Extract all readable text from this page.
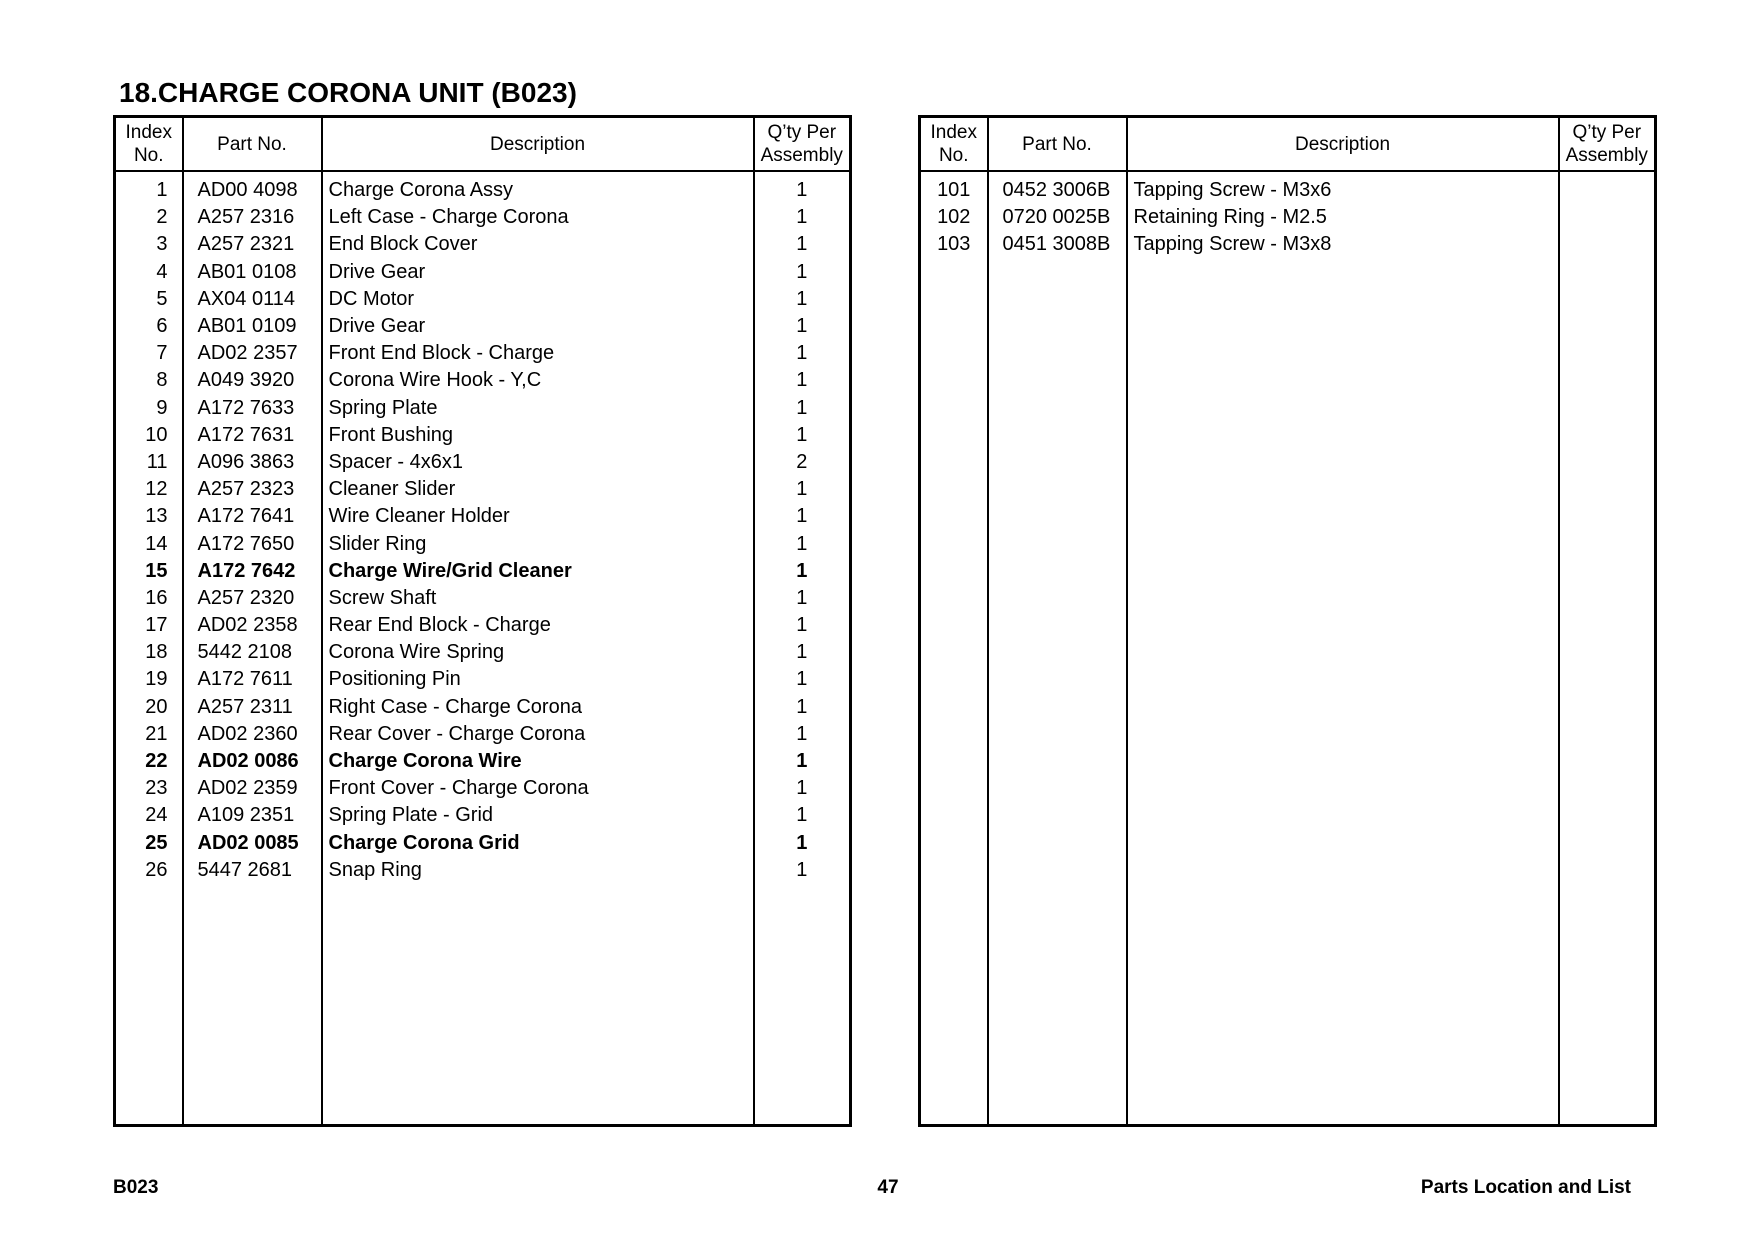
18.CHARGE CORONA UNIT (B023)
Index
No.	Part No.	Description	Q’ty Per
Assembly
1	AD00 4098	Charge Corona Assy	1
2	A257 2316	Left Case - Charge Corona	1
3	A257 2321	End Block Cover	1
4	AB01 0108	Drive Gear	1
5	AX04 0114	DC Motor	1
6	AB01 0109	Drive Gear	1
7	AD02 2357	Front End Block - Charge	1
8	A049 3920	Corona Wire Hook - Y,C	1
9	A172 7633	Spring Plate	1
10	A172 7631	Front Bushing	1
11	A096 3863	Spacer - 4x6x1	2
12	A257 2323	Cleaner Slider	1
13	A172 7641	Wire Cleaner Holder	1
14	A172 7650	Slider Ring	1
15	A172 7642	Charge Wire/Grid Cleaner	1
16	A257 2320	Screw Shaft	1
17	AD02 2358	Rear End Block - Charge	1
18	5442 2108	Corona Wire Spring	1
19	A172 7611	Positioning Pin	1
20	A257 2311	Right Case - Charge Corona	1
21	AD02 2360	Rear Cover - Charge Corona	1
22	AD02 0086	Charge Corona Wire	1
23	AD02 2359	Front Cover - Charge Corona	1
24	A109 2351	Spring Plate - Grid	1
25	AD02 0085	Charge Corona Grid	1
26	5447 2681	Snap Ring	1

Index
No.	Part No.	Description	Q’ty Per
Assembly
101	0452 3006B	Tapping Screw - M3x6	
102	0720 0025B	Retaining Ring - M2.5	
103	0451 3008B	Tapping Screw - M3x8	

B023	47	Parts Location and List
